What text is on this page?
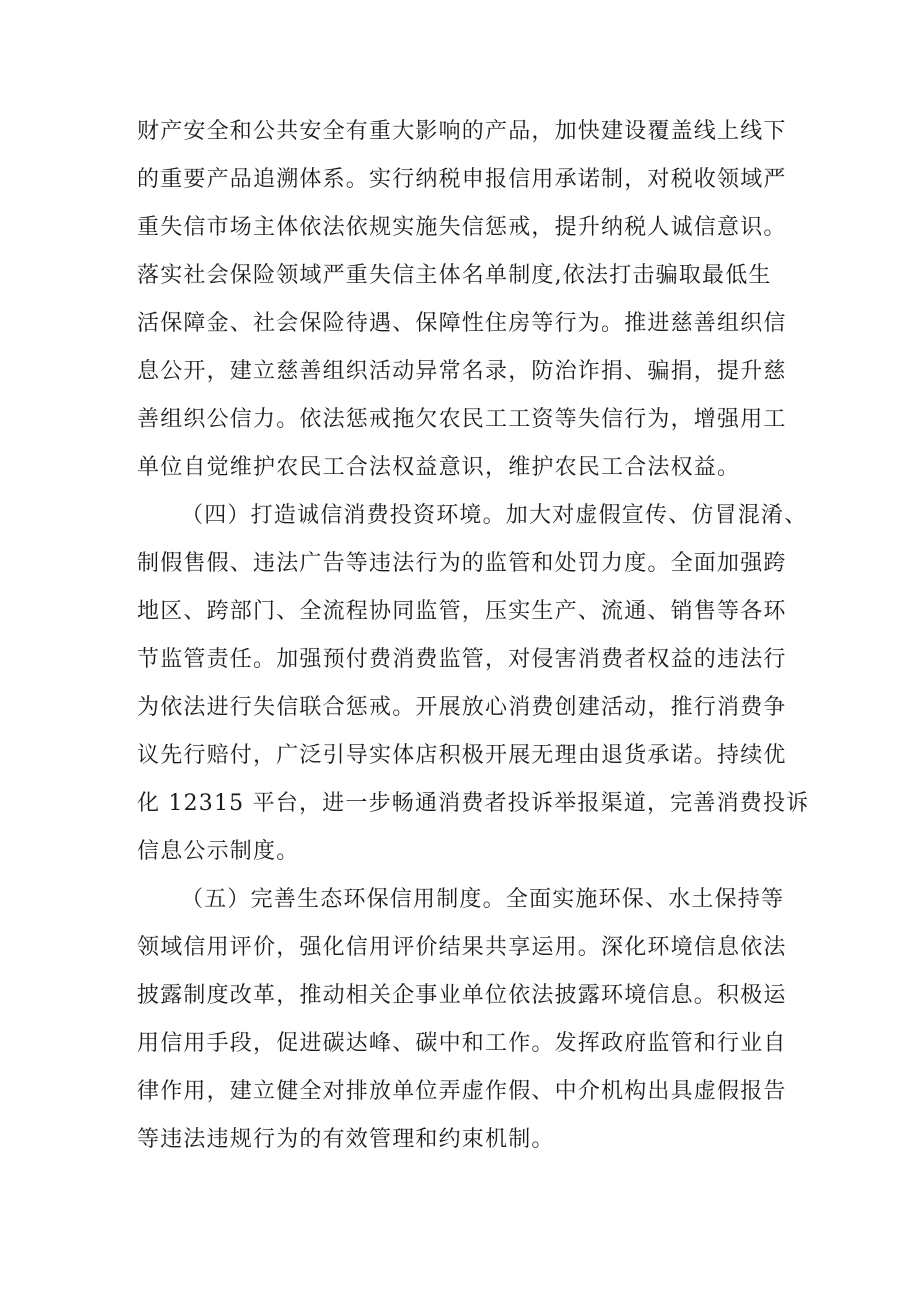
财产安全和公共安全有重大影响的产品，加快建设覆盖线上线下
的重要产品追溯体系。实行纳税申报信用承诺制，对税收领域严
重失信市场主体依法依规实施失信惩戒，提升纳税人诚信意识。
落实社会保险领域严重失信主体名单制度,依法打击骗取最低生
活保障金、社会保险待遇、保障性住房等行为。推进慈善组织信
息公开，建立慈善组织活动异常名录，防治诈捐、骗捐，提升慈
善组织公信力。依法惩戒拖欠农民工工资等失信行为，增强用工
单位自觉维护农民工合法权益意识，维护农民工合法权益。
（四）打造诚信消费投资环境。加大对虚假宣传、仿冒混淆、
制假售假、违法广告等违法行为的监管和处罚力度。全面加强跨
地区、跨部门、全流程协同监管，压实生产、流通、销售等各环
节监管责任。加强预付费消费监管，对侵害消费者权益的违法行
为依法进行失信联合惩戒。开展放心消费创建活动，推行消费争
议先行赔付，广泛引导实体店积极开展无理由退货承诺。持续优
化 12315 平台，进一步畅通消费者投诉举报渠道，完善消费投诉
信息公示制度。
（五）完善生态环保信用制度。全面实施环保、水土保持等
领域信用评价，强化信用评价结果共享运用。深化环境信息依法
披露制度改革，推动相关企事业单位依法披露环境信息。积极运
用信用手段，促进碳达峰、碳中和工作。发挥政府监管和行业自
律作用，建立健全对排放单位弄虚作假、中介机构出具虚假报告
等违法违规行为的有效管理和约束机制。
